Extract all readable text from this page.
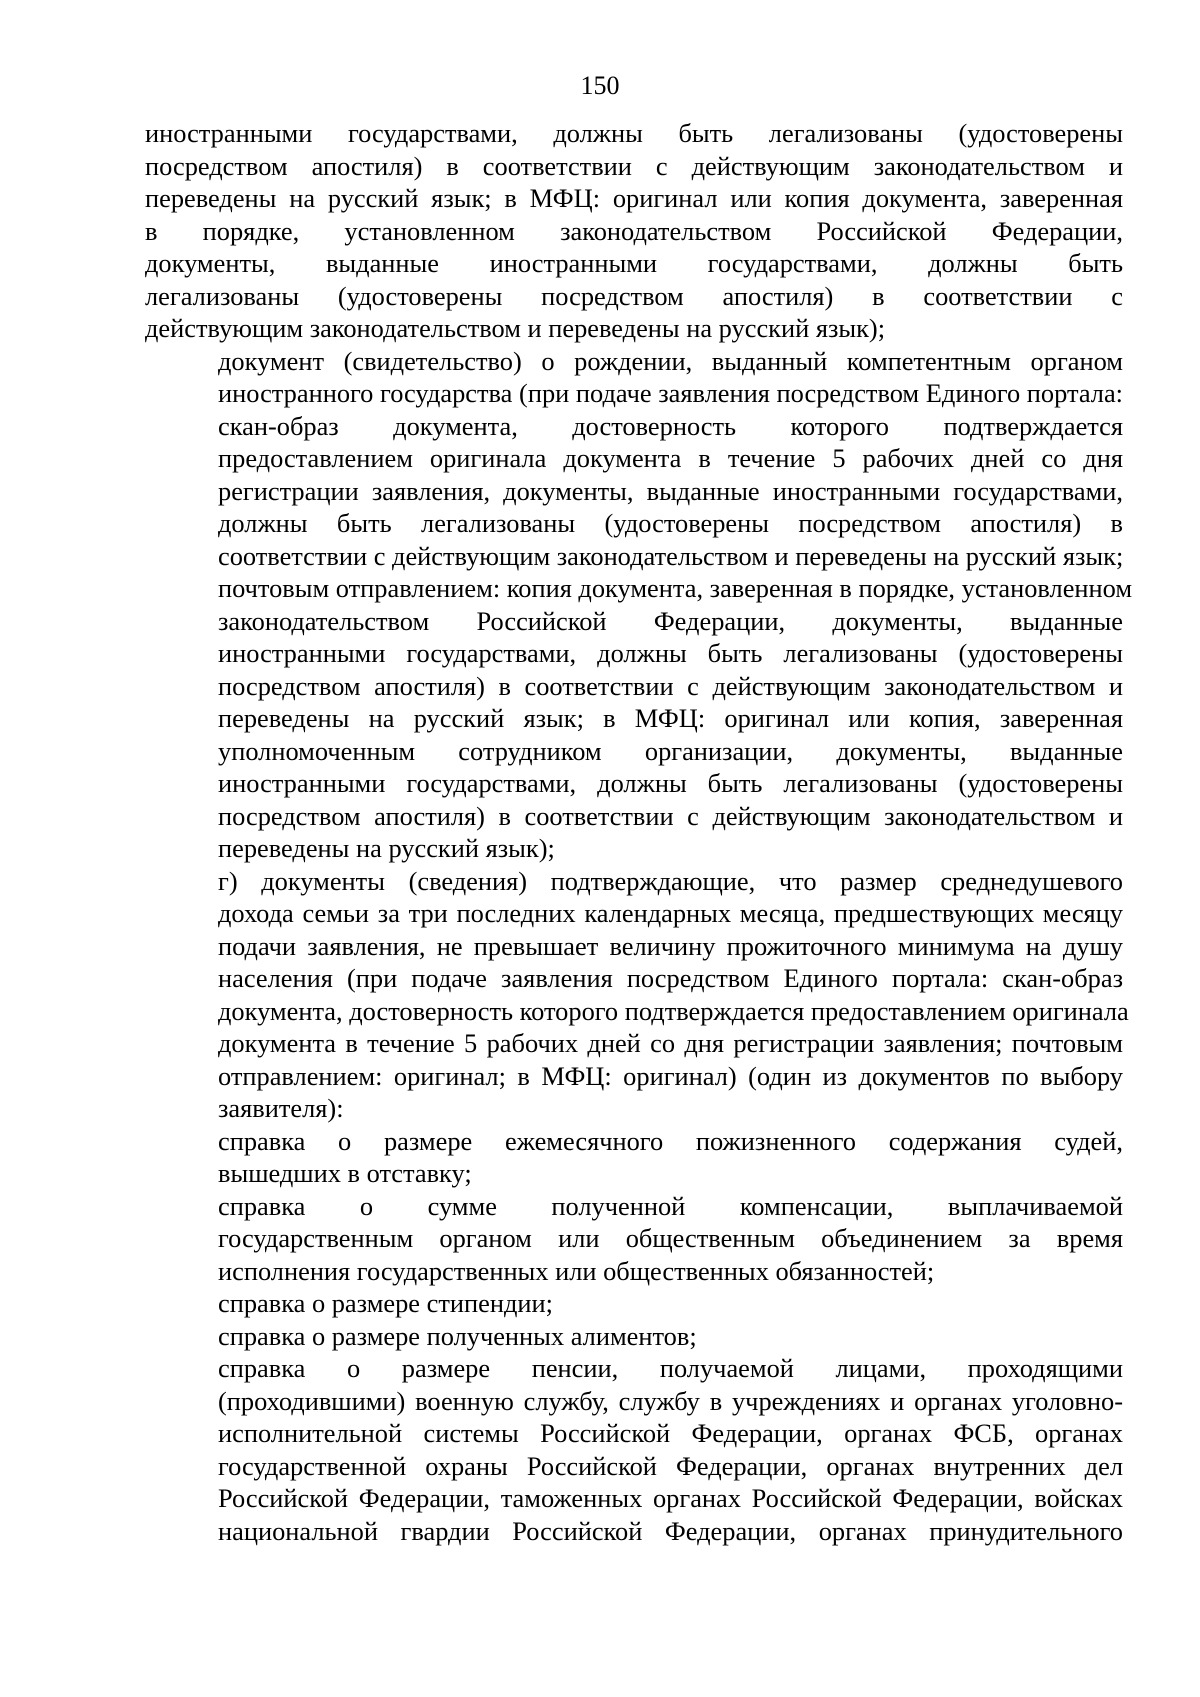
150
иностранными государствами, должны быть легализованы (удостоверены
посредством апостиля) в соответствии с действующим законодательством и
переведены на русский язык; в МФЦ: оригинал или копия документа, заверенная
в порядке, установленном законодательством Российской Федерации,
документы, выданные иностранными государствами, должны быть
легализованы (удостоверены посредством апостиля) в соответствии с
действующим законодательством и переведены на русский язык);
документ (свидетельство) о рождении, выданный компетентным органом
иностранного государства (при подаче заявления посредством Единого портала:
скан-образ документа, достоверность которого подтверждается
предоставлением оригинала документа в течение 5 рабочих дней со дня
регистрации заявления, документы, выданные иностранными государствами,
должны быть легализованы (удостоверены посредством апостиля) в
соответствии с действующим законодательством и переведены на русский язык;
почтовым отправлением: копия документа, заверенная в порядке, установленном
законодательством Российской Федерации, документы, выданные
иностранными государствами, должны быть легализованы (удостоверены
посредством апостиля) в соответствии с действующим законодательством и
переведены на русский язык; в МФЦ: оригинал или копия, заверенная
уполномоченным сотрудником организации, документы, выданные
иностранными государствами, должны быть легализованы (удостоверены
посредством апостиля) в соответствии с действующим законодательством и
переведены на русский язык);
г) документы (сведения) подтверждающие, что размер среднедушевого
дохода семьи за три последних календарных месяца, предшествующих месяцу
подачи заявления, не превышает величину прожиточного минимума на душу
населения (при подаче заявления посредством Единого портала: скан-образ
документа, достоверность которого подтверждается предоставлением оригинала
документа в течение 5 рабочих дней со дня регистрации заявления; почтовым
отправлением: оригинал; в МФЦ: оригинал) (один из документов по выбору
заявителя):
справка о размере ежемесячного пожизненного содержания судей,
вышедших в отставку;
справка о сумме полученной компенсации, выплачиваемой
государственным органом или общественным объединением за время
исполнения государственных или общественных обязанностей;
справка о размере стипендии;
справка о размере полученных алиментов;
справка о размере пенсии, получаемой лицами, проходящими
(проходившими) военную службу, службу в учреждениях и органах уголовно-
исполнительной системы Российской Федерации, органах ФСБ, органах
государственной охраны Российской Федерации, органах внутренних дел
Российской Федерации, таможенных органах Российской Федерации, войсках
национальной гвардии Российской Федерации, органах принудительного
